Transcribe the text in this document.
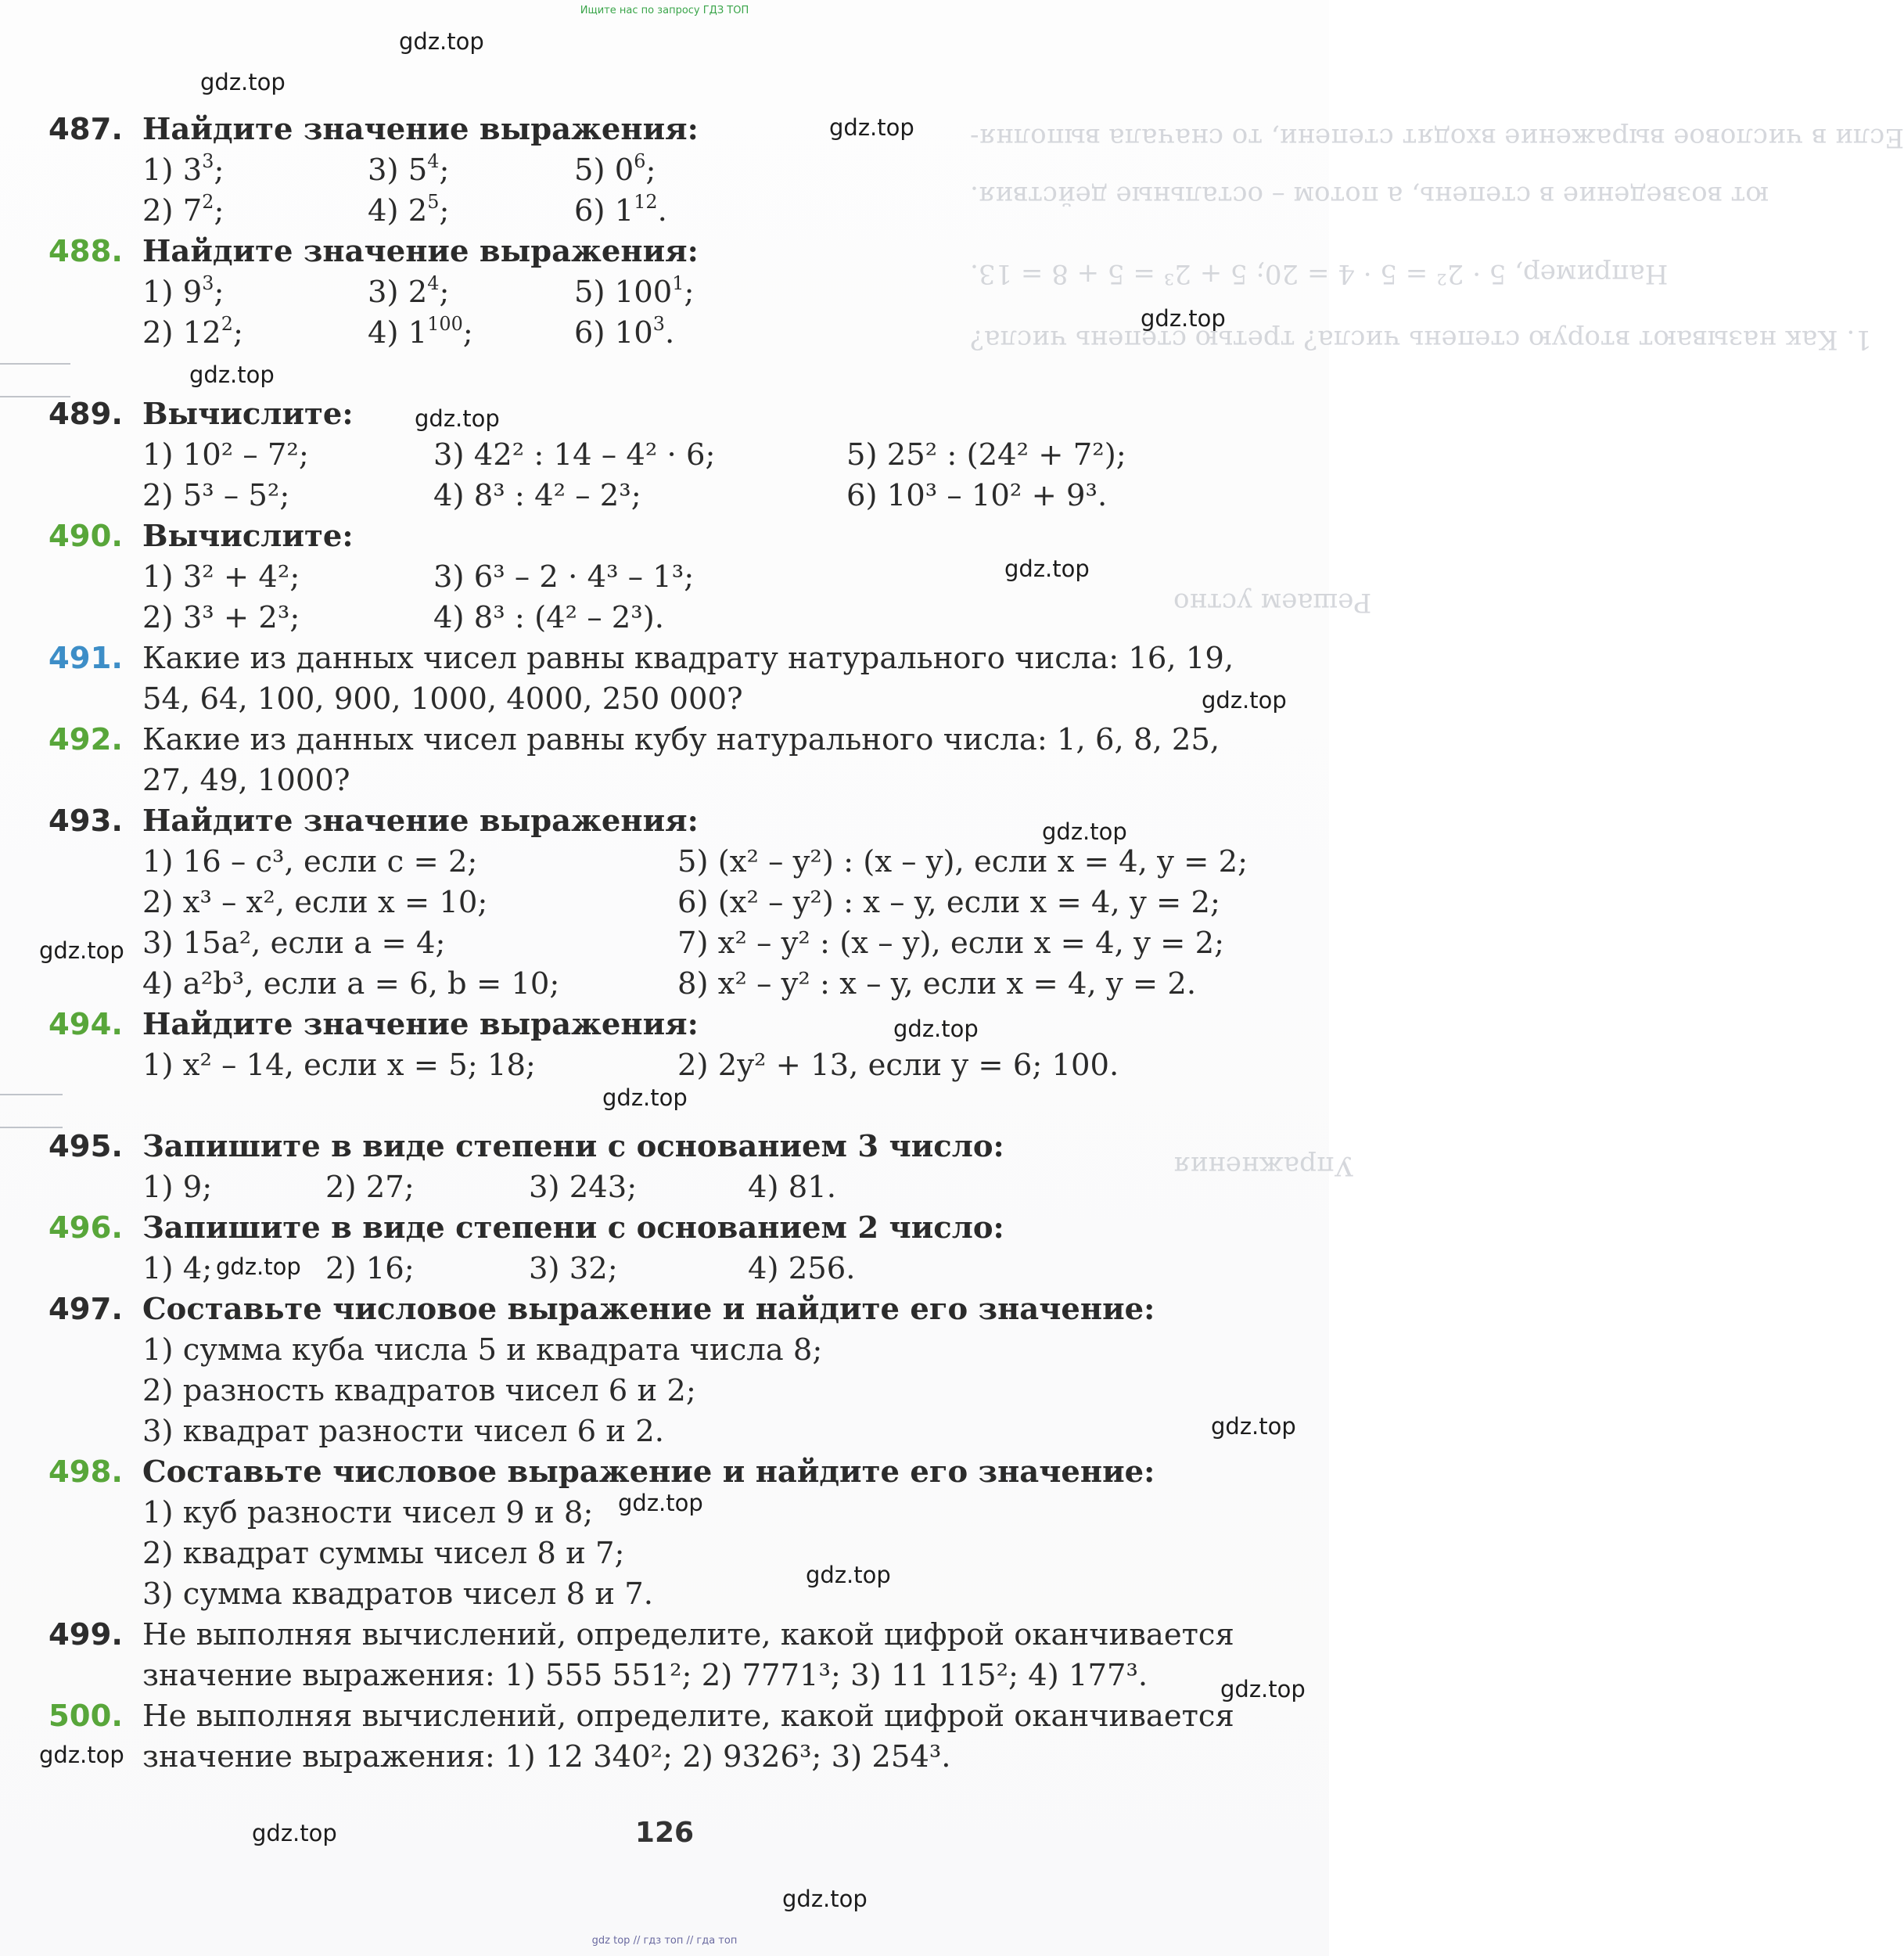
Ищите нас по запросу ГДЗ ТОП
Если в числовое выражение входят степени, то сначала выполня-
ют возведение в степень, а потом – остальные действия.
Например, 5 · 2² = 5 · 4 = 20; 5 + 2³ = 5 + 8 = 13.
1. Как называют вторую степень числа? третью степень числа?
Решаем устно
Упражнения
487. Найдите значение выражения:
1) $3^3$;	3) $5^4$;	5) $0^6$;
2) $7^2$;	4) $2^5$;	6) $1^{12}$.
488. Найдите значение выражения:
1) $9^3$;	3) $2^4$;	5) $100^1$;
2) $12^2$;	4) $1^{100}$;	6) $10^3$.
489. Вычислите:
1) 10² – 7²;	3) 42² : 14 – 4² · 6;	5) 25² : (24² + 7²);
2) 5³ – 5²;	4) 8³ : 4² – 2³;	6) 10³ – 10² + 9³.
490. Вычислите:
1) 3² + 4²;	3) 6³ – 2 · 4³ – 1³;
2) 3³ + 2³;	4) 8³ : (4² – 2³).
491. Какие из данных чисел равны квадрату натурального числа: 16, 19,
54, 64, 100, 900, 1000, 4000, 250 000?
492. Какие из данных чисел равны кубу натурального числа: 1, 6, 8, 25,
27, 49, 1000?
493. Найдите значение выражения:
1) 16 – c³, если c = 2;	5) (x² – y²) : (x – y), если x = 4, y = 2;
2) x³ – x², если x = 10;	6) (x² – y²) : x – y, если x = 4, y = 2;
3) 15a², если a = 4;	7) x² – y² : (x – y), если x = 4, y = 2;
4) a²b³, если a = 6, b = 10;	8) x² – y² : x – y, если x = 4, y = 2.
494. Найдите значение выражения:
1) x² – 14, если x = 5; 18;	2) 2y² + 13, если y = 6; 100.
495. Запишите в виде степени с основанием 3 число:
1) 9;	2) 27;	3) 243;	4) 81.
496. Запишите в виде степени с основанием 2 число:
1) 4;	2) 16;	3) 32;	4) 256.
497. Составьте числовое выражение и найдите его значение:
1) сумма куба числа 5 и квадрата числа 8;
2) разность квадратов чисел 6 и 2;
3) квадрат разности чисел 6 и 2.
498. Составьте числовое выражение и найдите его значение:
1) куб разности чисел 9 и 8;
2) квадрат суммы чисел 8 и 7;
3) сумма квадратов чисел 8 и 7.
499. Не выполняя вычислений, определите, какой цифрой оканчивается
значение выражения: 1) 555 551²; 2) 7771³; 3) 11 115²; 4) 177³.
500. Не выполняя вычислений, определите, какой цифрой оканчивается
значение выражения: 1) 12 340²; 2) 9326³; 3) 254³.
126
gdz.top
gdz.top
gdz.top
gdz.top
gdz.top
gdz.top
gdz.top
gdz.top
gdz.top
gdz.top
gdz.top
gdz.top
gdz.top
gdz.top
gdz.top
gdz.top
gdz.top
gdz.top
gdz.top
gdz.top
gdz top // гдз топ // гда топ
